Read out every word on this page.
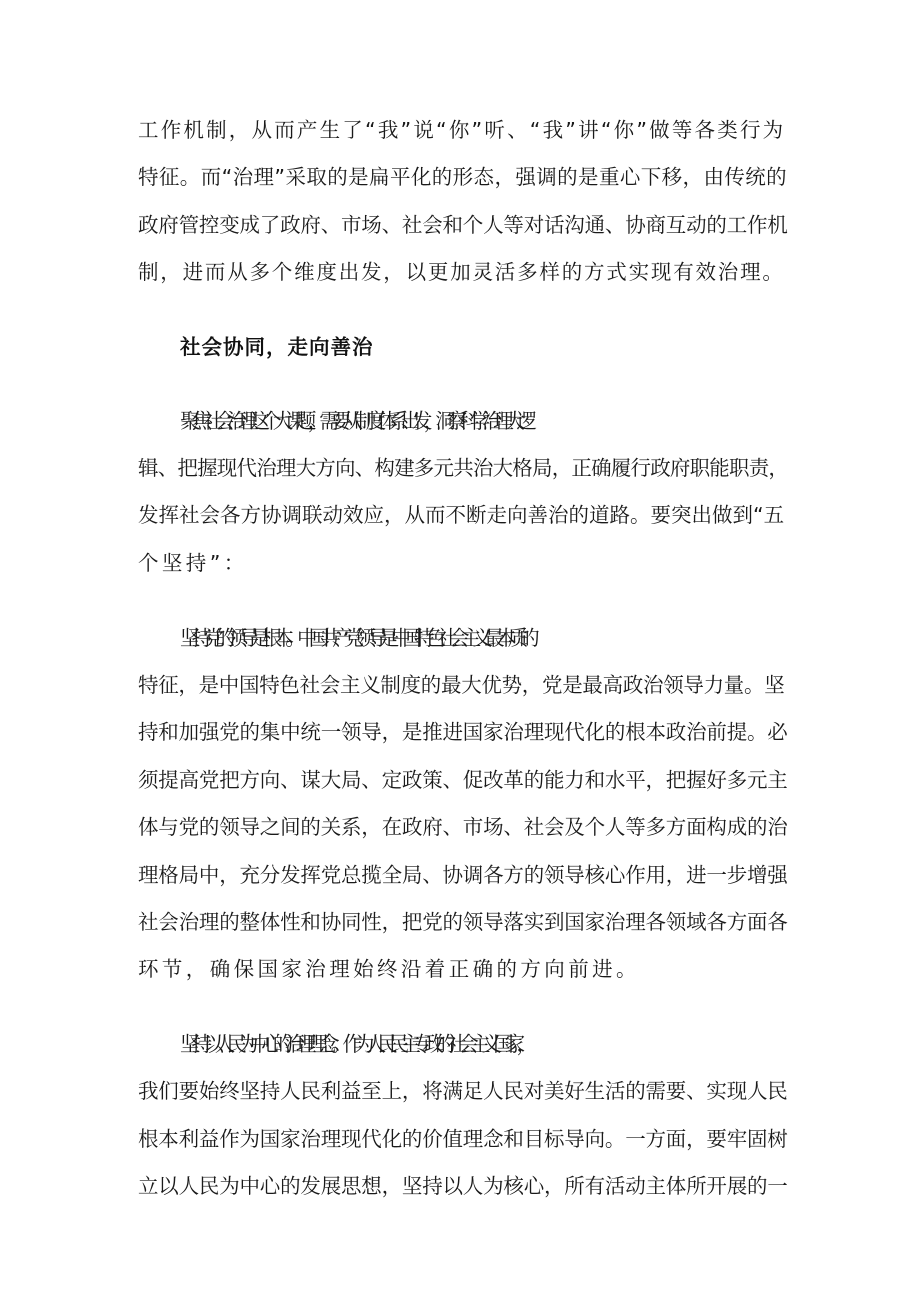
工作机制，从而产生了“我”说“你”听、“我”讲“你”做等各类行为
特征。而“治理”采取的是扁平化的形态，强调的是重心下移，由传统的
政府管控变成了政府、市场、社会和个人等对话沟通、协商互动的工作机
制，进而从多个维度出发，以更加灵活多样的方式实现有效治理。
社会协同，走向善治
聚焦社会治理这个大课题，需要从制度体系出发，洞察科学治理大逻
辑、把握现代治理大方向、构建多元共治大格局，正确履行政府职能职责，
发挥社会各方协调联动效应，从而不断走向善治的道路。要突出做到“五
个坚持”：
坚持党的领导是根本。中国共产党领导是中国特色社会主义最本质的
特征，是中国特色社会主义制度的最大优势，党是最高政治领导力量。坚
持和加强党的集中统一领导，是推进国家治理现代化的根本政治前提。必
须提高党把方向、谋大局、定政策、促改革的能力和水平，把握好多元主
体与党的领导之间的关系，在政府、市场、社会及个人等多方面构成的治
理格局中，充分发挥党总揽全局、协调各方的领导核心作用，进一步增强
社会治理的整体性和协同性，把党的领导落实到国家治理各领域各方面各
环节，确保国家治理始终沿着正确的方向前进。
坚持以人民为中心的治理理念。作为人民民主专政的社会主义国家，
我们要始终坚持人民利益至上，将满足人民对美好生活的需要、实现人民
根本利益作为国家治理现代化的价值理念和目标导向。一方面，要牢固树
立以人民为中心的发展思想，坚持以人为核心，所有活动主体所开展的一
